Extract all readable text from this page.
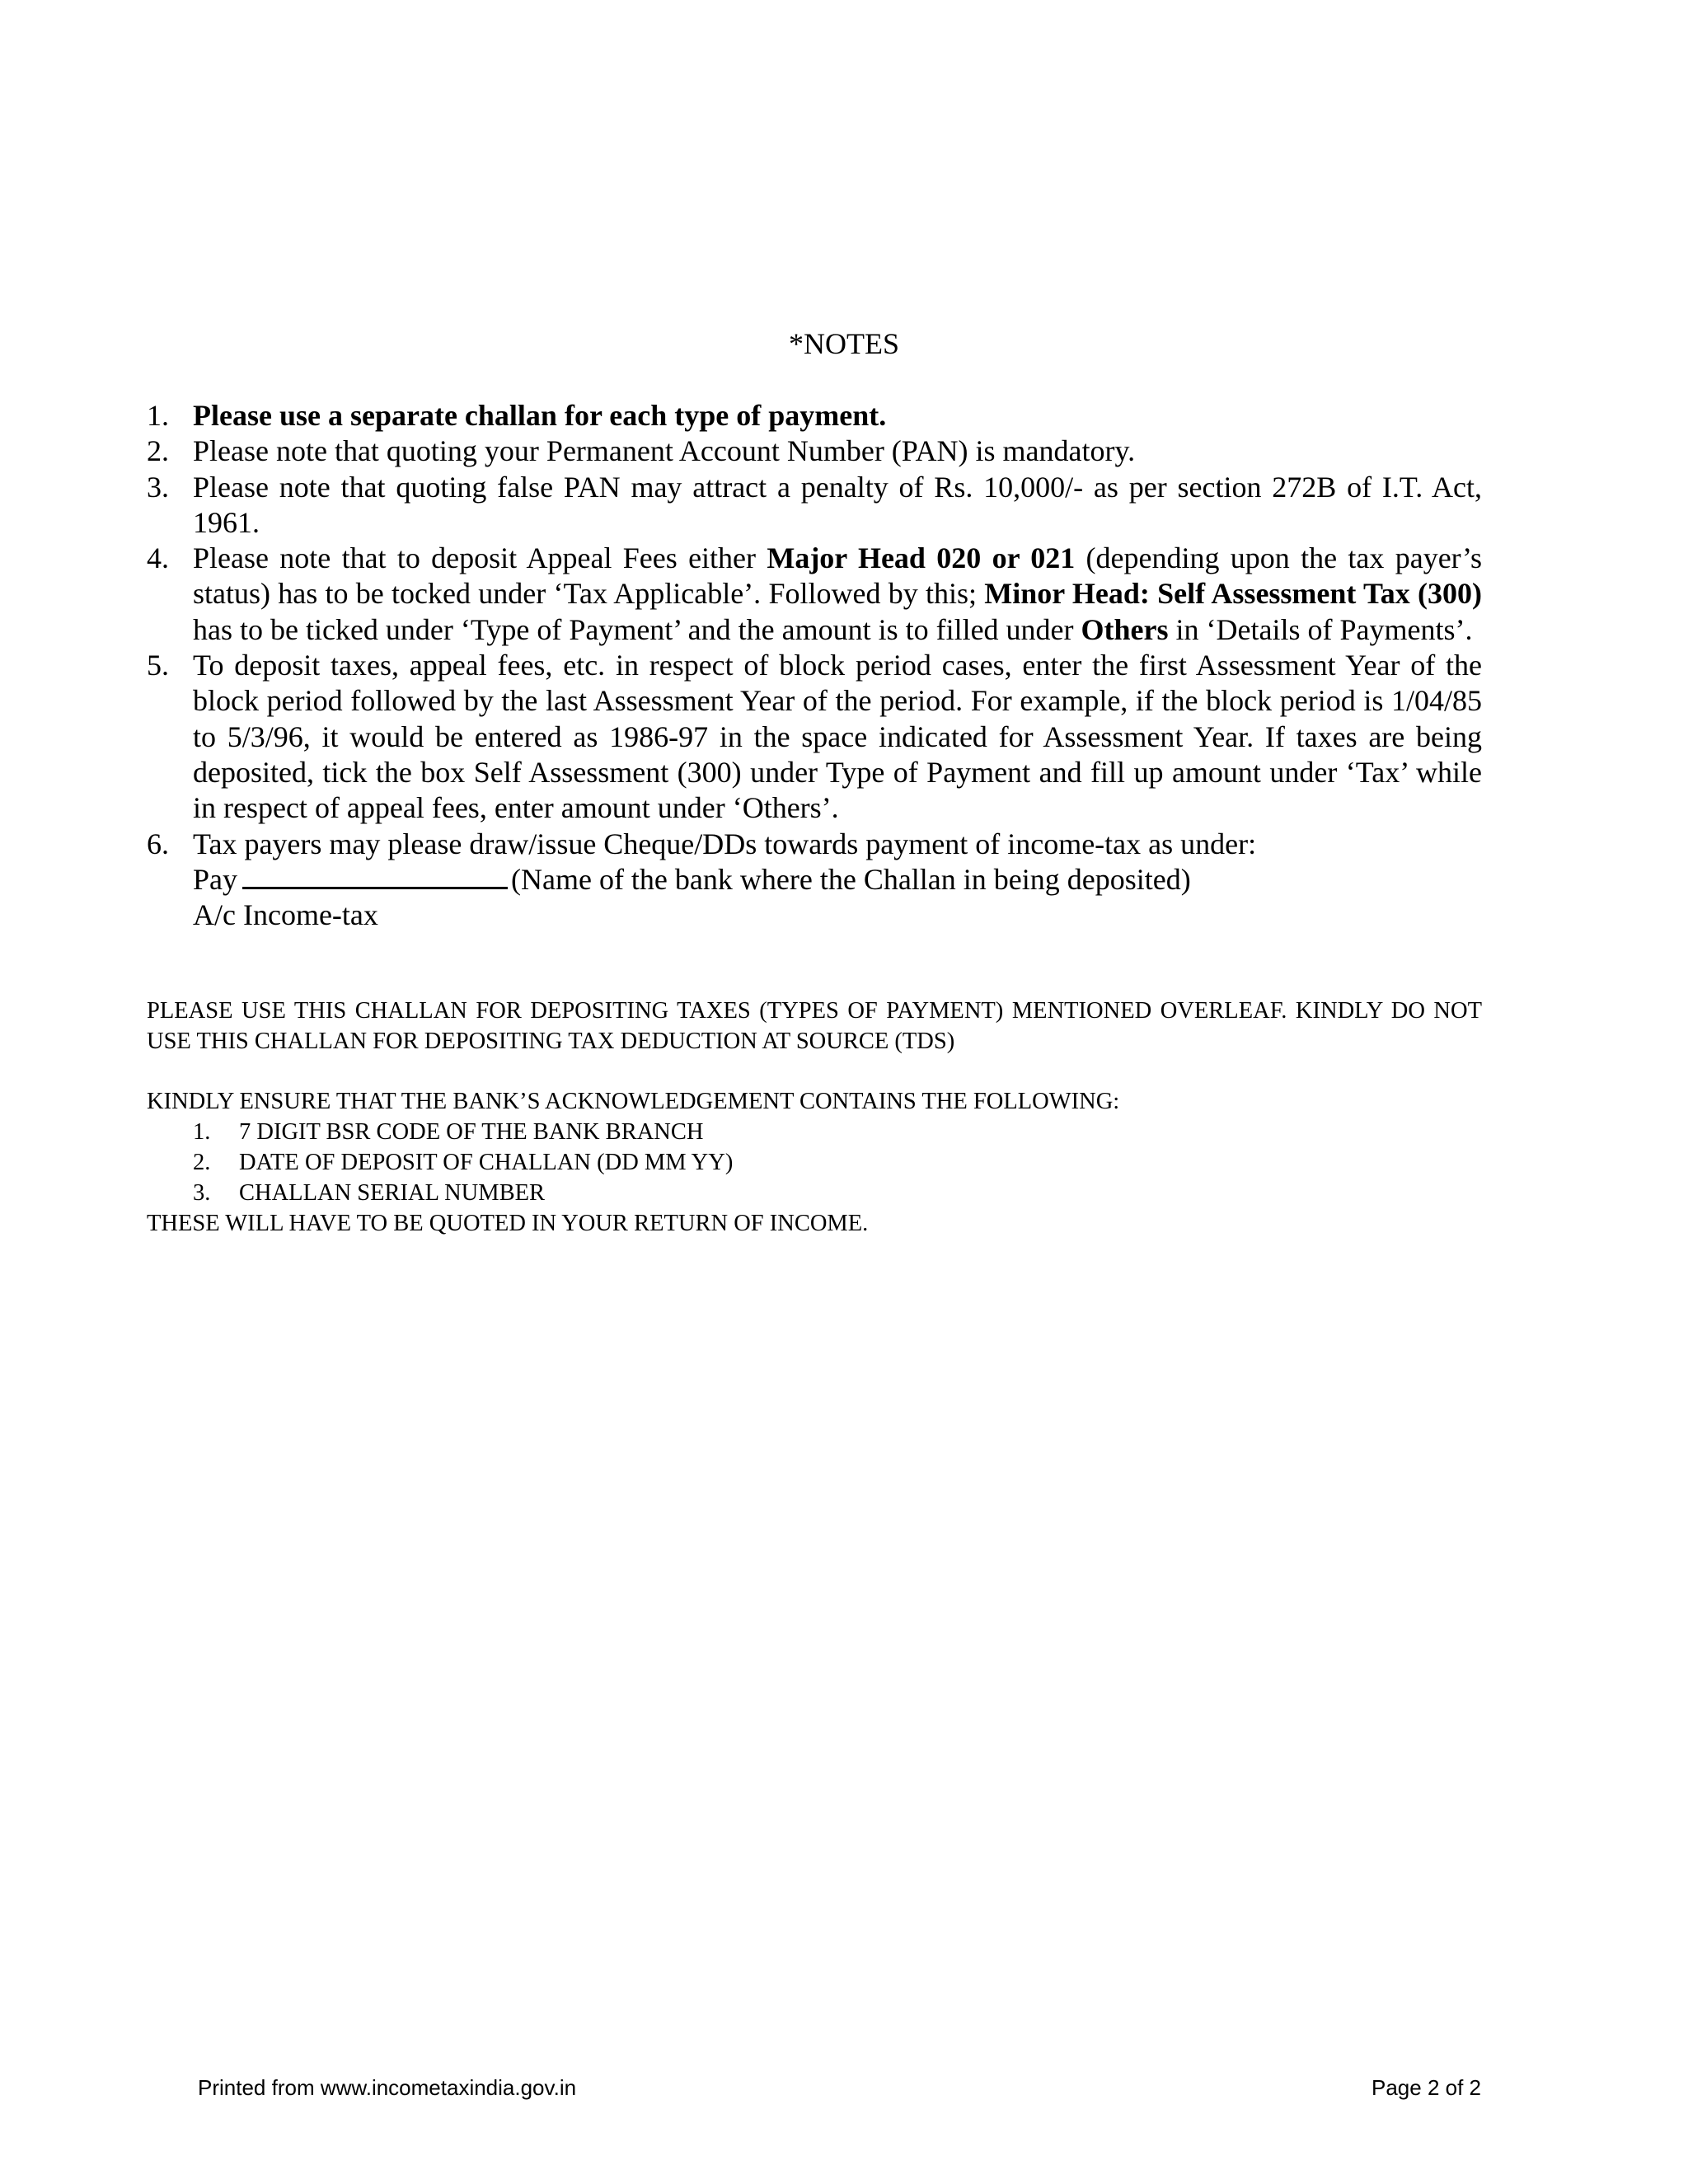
*NOTES
1. Please use a separate challan for each type of payment.
2. Please note that quoting your Permanent Account Number (PAN) is mandatory.
3. Please note that quoting false PAN may attract a penalty of Rs. 10,000/- as per section 272B of I.T. Act, 1961.
4. Please note that to deposit Appeal Fees either Major Head 020 or 021 (depending upon the tax payer’s status) has to be tocked under ‘Tax Applicable’. Followed by this; Minor Head: Self Assessment Tax (300) has to be ticked under ‘Type of Payment’ and the amount is to filled under Others in ‘Details of Payments’.
5. To deposit taxes, appeal fees, etc. in respect of block period cases, enter the first Assessment Year of the block period followed by the last Assessment Year of the period. For example, if the block period is 1/04/85 to 5/3/96, it would be entered as 1986-97 in the space indicated for Assessment Year. If taxes are being deposited, tick the box Self Assessment (300) under Type of Payment and fill up amount under ‘Tax’ while in respect of appeal fees, enter amount under ‘Others’.
6. Tax payers may please draw/issue Cheque/DDs towards payment of income-tax as under:
Pay	(Name of the bank where the Challan in being deposited)
A/c Income-tax
PLEASE USE THIS CHALLAN FOR DEPOSITING TAXES (TYPES OF PAYMENT) MENTIONED OVERLEAF. KINDLY DO NOT USE THIS CHALLAN FOR DEPOSITING TAX DEDUCTION AT SOURCE (TDS)
KINDLY ENSURE THAT THE BANK’S ACKNOWLEDGEMENT CONTAINS THE FOLLOWING:
1. 7 DIGIT BSR CODE OF THE BANK BRANCH
2. DATE OF DEPOSIT OF CHALLAN (DD MM YY)
3. CHALLAN SERIAL NUMBER
THESE WILL HAVE TO BE QUOTED IN YOUR RETURN OF INCOME.
Printed from www.incometaxindia.gov.in	Page 2 of 2
